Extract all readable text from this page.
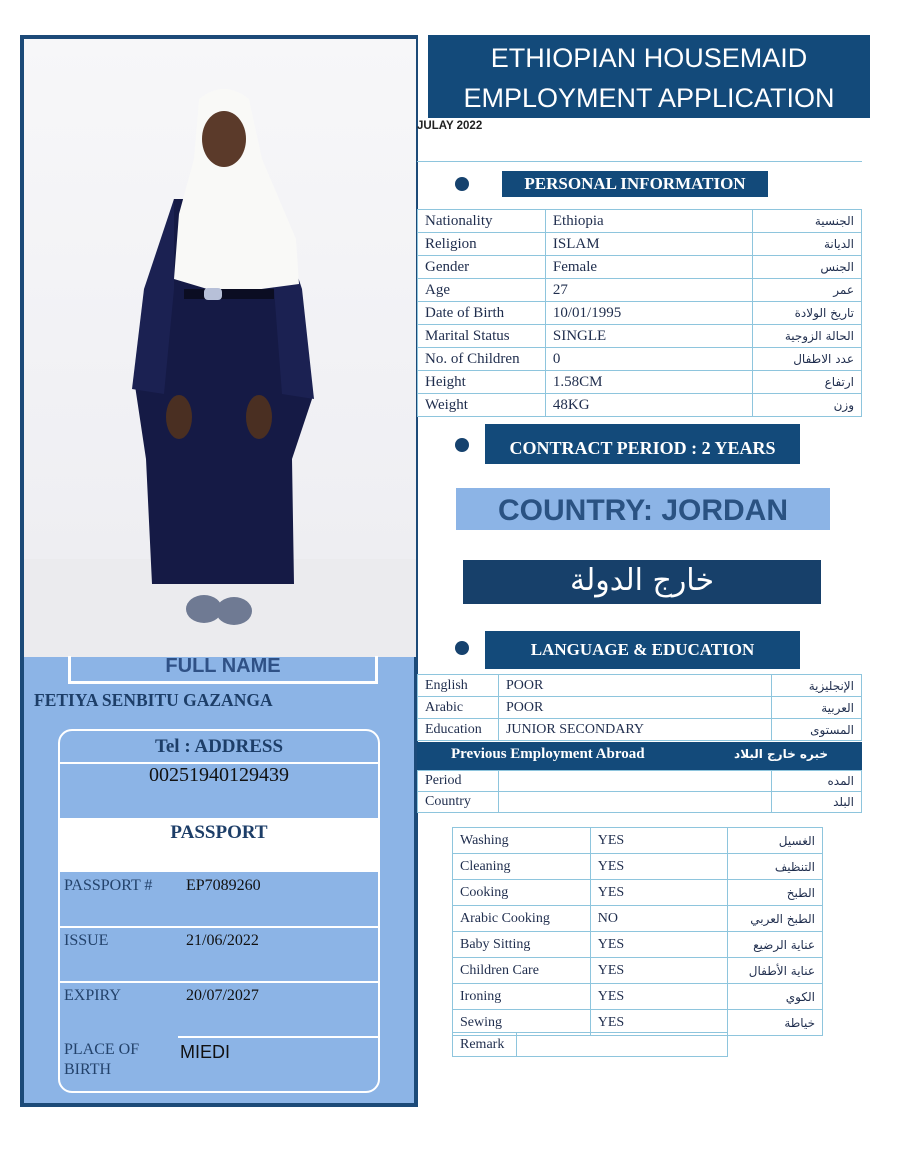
FULL NAME
FETIYA SENBITU GAZANGA
Tel : ADDRESS
00251940129439
PASSPORT
PASSPORT # EP7089260
ISSUE	21/06/2022
EXPIRY	20/07/2027
PLACE OF
BIRTH
MIEDI
ETHIOPIAN HOUSEMAID
EMPLOYMENT APPLICATION
JULAY 2022
PERSONAL INFORMATION
Nationality	Ethiopia	الجنسية
Religion	ISLAM	الديانة
Gender	Female	الجنس
Age	27	عمر
Date of Birth	10/01/1995	تاريخ الولادة
Marital Status	SINGLE	الحالة الزوجية
No. of Children	0	عدد الاطفال
Height	1.58CM	ارتفاع
Weight	48KG	وزن
CONTRACT PERIOD : 2 YEARS
COUNTRY: JORDAN
خارج الدولة
LANGUAGE & EDUCATION
English	POOR	الإنجليزية
Arabic	POOR	العربية
Education	JUNIOR SECONDARY	المستوى
Previous Employment Abroad	خبره خارج البلاد
Period		المده
Country		البلد
Washing	YES	الغسيل
Cleaning	YES	التنظيف
Cooking	YES	الطبخ
Arabic Cooking	NO	الطبخ العربي
Baby Sitting	YES	عناية الرضيع
Children Care	YES	عناية الأطفال
Ironing	YES	الكوي
Sewing	YES	خياطة
Remark	
